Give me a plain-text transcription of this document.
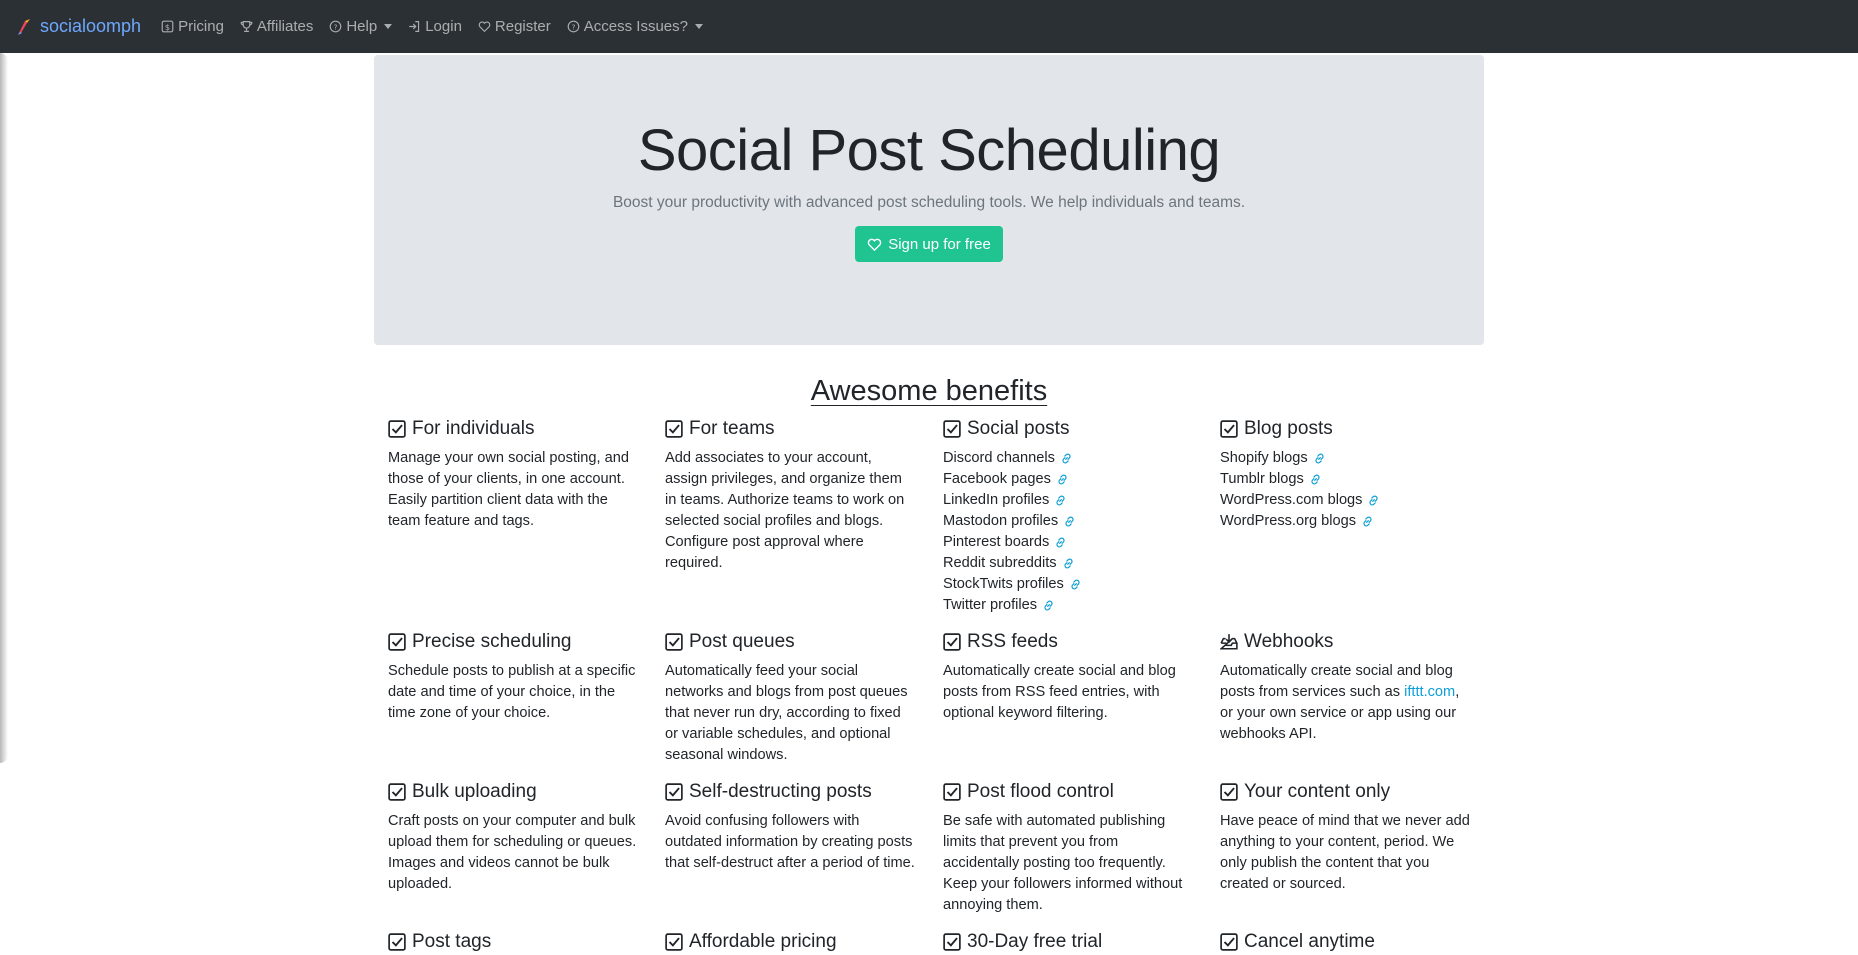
socialoomph $ Pricing Affiliates ? Help	Login Register ? Access Issues?
Social Post Scheduling

Boost your productivity with advanced post scheduling tools. We help individuals and teams.

Sign up for free
Awesome benefits
For individuals

Manage your own social posting, and those of your clients, in one account. Easily partition client data with the team feature and tags.

For teams

Add associates to your account, assign privileges, and organize them in teams. Authorize teams to work on selected social profiles and blogs. Configure post approval where required.

Social posts
Discord channels
Facebook pages
LinkedIn profiles
Mastodon profiles
Pinterest boards
Reddit subreddits
StockTwits profiles
Twitter profiles
Blog posts
Shopify blogs
Tumblr blogs
WordPress.com blogs
WordPress.org blogs
Precise scheduling

Schedule posts to publish at a specific date and time of your choice, in the time zone of your choice.

Post queues

Automatically feed your social networks and blogs from post queues that never run dry, according to fixed or variable schedules, and optional seasonal windows.

RSS feeds

Automatically create social and blog posts from RSS feed entries, with optional keyword filtering.

Webhooks

Automatically create social and blog posts from services such as ifttt.com, or your own service or app using our webhooks API.

Bulk uploading

Craft posts on your computer and bulk upload them for scheduling or queues. Images and videos cannot be bulk uploaded.

Self-destructing posts

Avoid confusing followers with outdated information by creating posts that self-destruct after a period of time.

Post flood control

Be safe with automated publishing limits that prevent you from accidentally posting too frequently. Keep your followers informed without annoying them.

Your content only

Have peace of mind that we never add anything to your content, period. We only publish the content that you created or sourced.

Post tags	Affordable pricing	30-Day free trial	Cancel anytime
